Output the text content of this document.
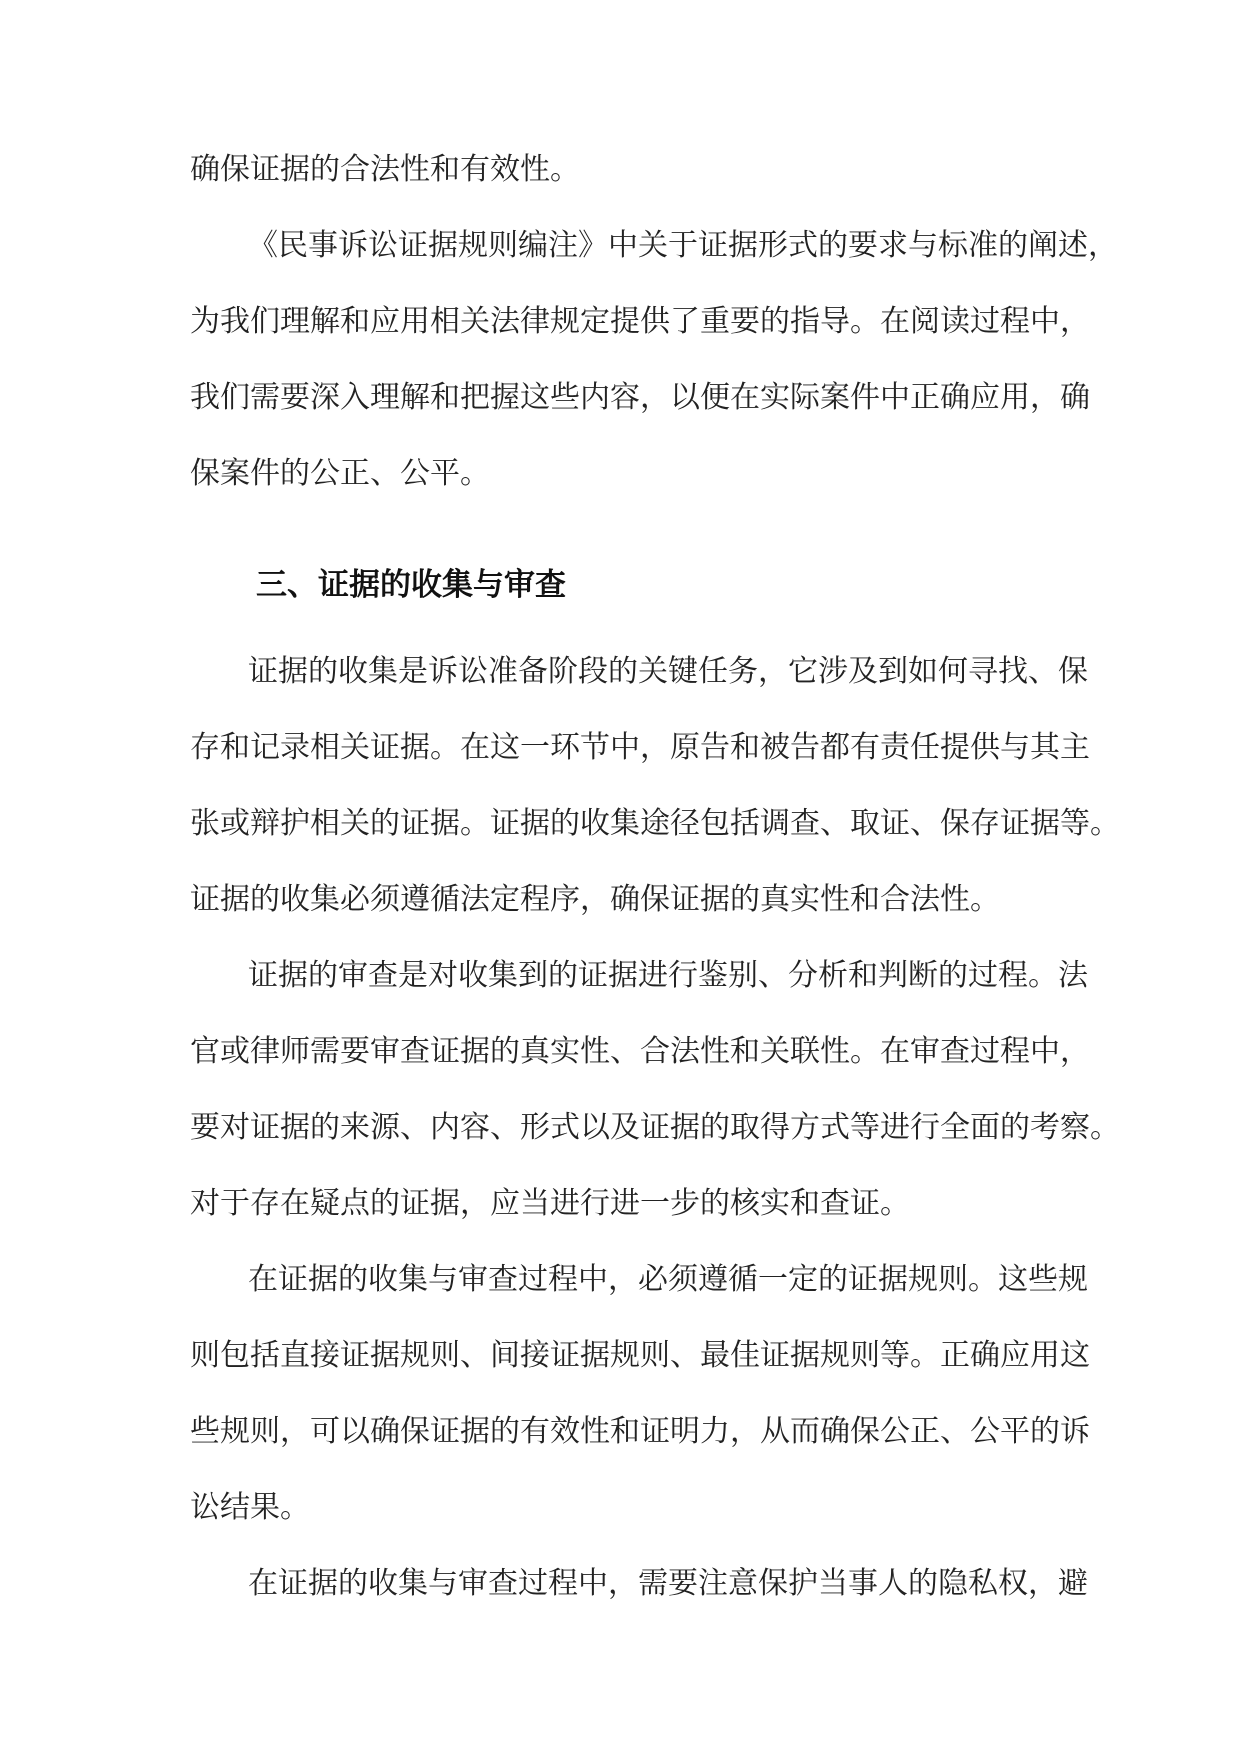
确保证据的合法性和有效性。
《民事诉讼证据规则编注》中关于证据形式的要求与标准的阐述，
为我们理解和应用相关法律规定提供了重要的指导。在阅读过程中，
我们需要深入理解和把握这些内容，以便在实际案件中正确应用，确
保案件的公正、公平。
三、证据的收集与审查
证据的收集是诉讼准备阶段的关键任务，它涉及到如何寻找、保
存和记录相关证据。在这一环节中，原告和被告都有责任提供与其主
张或辩护相关的证据。证据的收集途径包括调查、取证、保存证据等。
证据的收集必须遵循法定程序，确保证据的真实性和合法性。
证据的审查是对收集到的证据进行鉴别、分析和判断的过程。法
官或律师需要审查证据的真实性、合法性和关联性。在审查过程中，
要对证据的来源、内容、形式以及证据的取得方式等进行全面的考察。
对于存在疑点的证据，应当进行进一步的核实和查证。
在证据的收集与审查过程中，必须遵循一定的证据规则。这些规
则包括直接证据规则、间接证据规则、最佳证据规则等。正确应用这
些规则，可以确保证据的有效性和证明力，从而确保公正、公平的诉
讼结果。
在证据的收集与审查过程中，需要注意保护当事人的隐私权，避
